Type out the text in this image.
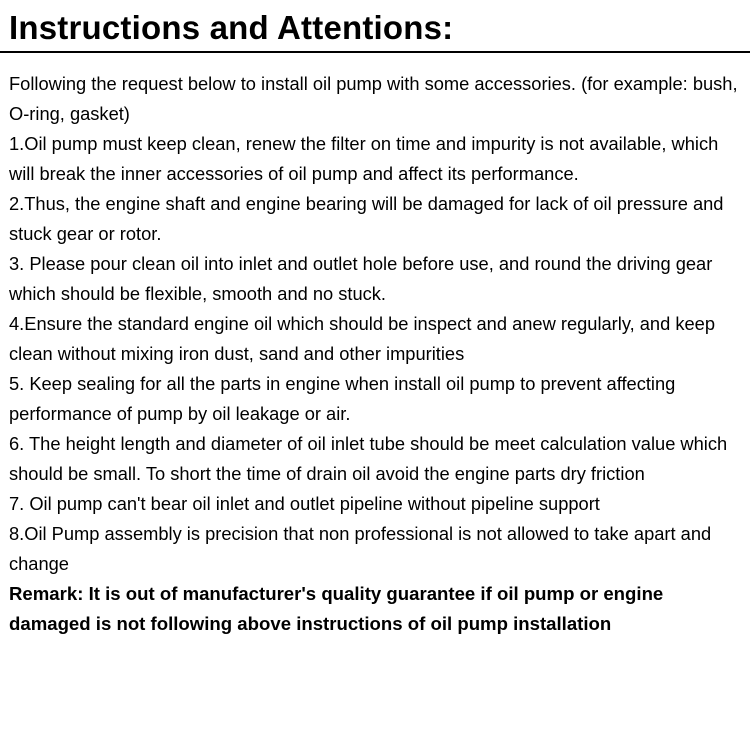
Instructions and Attentions:

Following the request below to install oil pump with some accessories. (for example: bush, O-ring, gasket)

1.Oil pump must keep clean, renew the filter on time and impurity is not available, which will break the inner accessories of oil pump and affect its performance.

2.Thus, the engine shaft and engine bearing will be damaged for lack of oil pressure and stuck gear or rotor.

3. Please pour clean oil into inlet and outlet hole before use, and round the driving gear which should be flexible, smooth and no stuck.

4.Ensure the standard engine oil which should be inspect and anew regularly, and keep clean without mixing iron dust, sand and other impurities

5. Keep sealing for all the parts in engine when install oil pump to prevent affecting performance of pump by oil leakage or air.

6. The height length and diameter of oil inlet tube should be meet calculation value which should be small. To short the time of drain oil avoid the engine parts dry friction

7. Oil pump can't bear oil inlet and outlet pipeline without pipeline support

8.Oil Pump assembly is precision that non professional is not allowed to take apart and change

Remark: It is out of manufacturer's quality guarantee if oil pump or engine damaged is not following above instructions of oil pump installation
